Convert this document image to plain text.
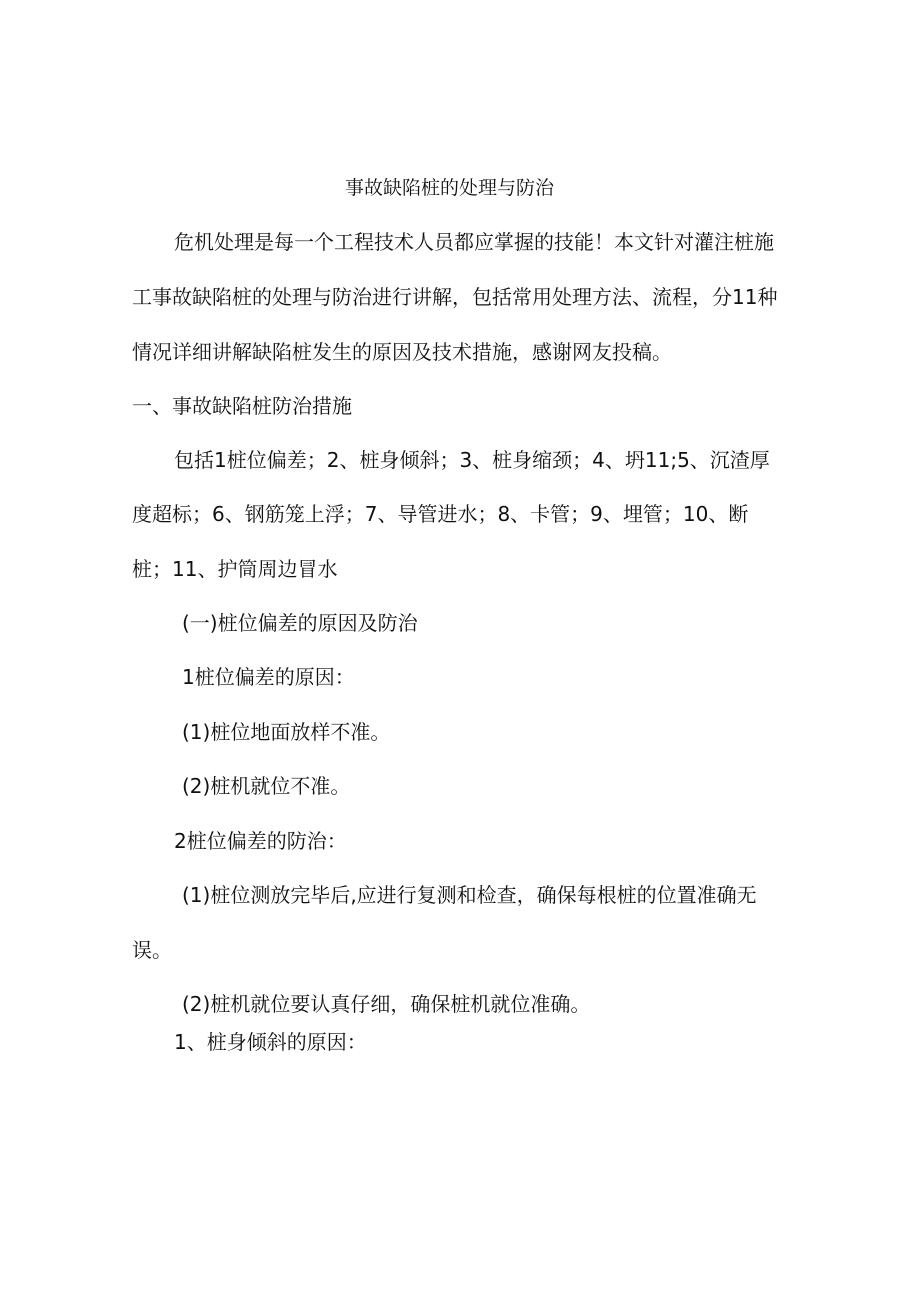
事故缺陷桩的处理与防治
危机处理是每一个工程技术人员都应掌握的技能！本文针对灌注桩施
工事故缺陷桩的处理与防治进行讲解，包括常用处理方法、流程，分11种
情况详细讲解缺陷桩发生的原因及技术措施，感谢网友投稿。
一、事故缺陷桩防治措施
包括1桩位偏差；2、桩身倾斜；3、桩身缩颈；4、坍11;5、沉渣厚
度超标；6、钢筋笼上浮；7、导管进水；8、卡管；9、埋管；10、断
桩；11、护筒周边冒水
(一)桩位偏差的原因及防治
1桩位偏差的原因：
(1)桩位地面放样不准。
(2)桩机就位不准。
2桩位偏差的防治：
(1)桩位测放完毕后,应进行复测和检查，确保每根桩的位置准确无
误。
(2)桩机就位要认真仔细，确保桩机就位准确。
1、桩身倾斜的原因：
